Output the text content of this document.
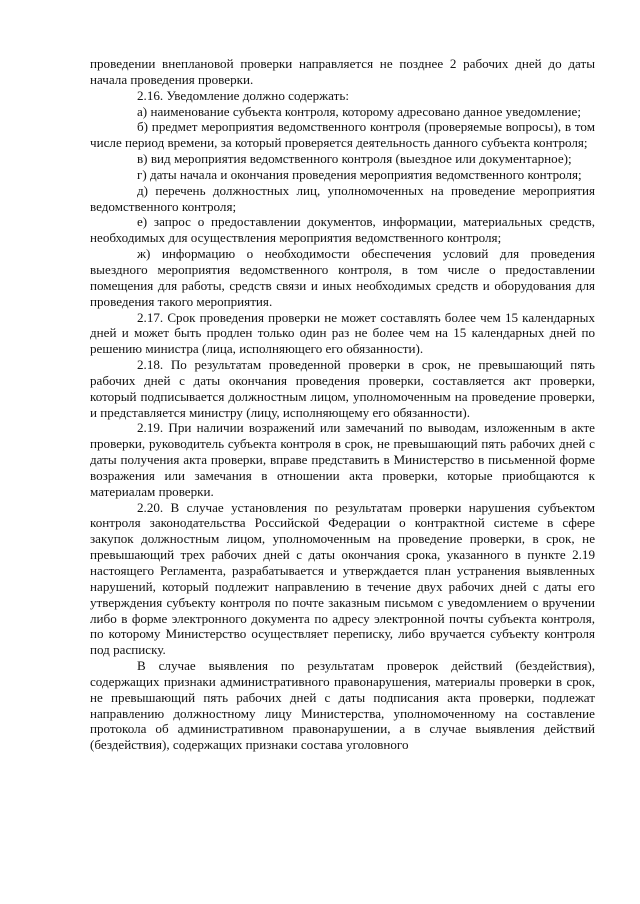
проведении внеплановой проверки направляется не позднее 2 рабочих дней до даты начала проведения проверки.

2.16. Уведомление должно содержать:

а) наименование субъекта контроля, которому адресовано данное уведомление;

б) предмет мероприятия ведомственного контроля (проверяемые вопросы), в том числе период времени, за который проверяется деятельность данного субъекта контроля;

в) вид мероприятия ведомственного контроля (выездное или документарное);

г) даты начала и окончания проведения мероприятия ведомственного контроля;

д) перечень должностных лиц, уполномоченных на проведение мероприятия ведомственного контроля;

е) запрос о предоставлении документов, информации, материальных средств, необходимых для осуществления мероприятия ведомственного контроля;

ж) информацию о необходимости обеспечения условий для проведения выездного мероприятия ведомственного контроля, в том числе о предоставлении помещения для работы, средств связи и иных необходимых средств и оборудования для проведения такого мероприятия.

2.17. Срок проведения проверки не может составлять более чем 15 календарных дней и может быть продлен только один раз не более чем на 15 календарных дней по решению министра (лица, исполняющего его обязанности).

2.18. По результатам проведенной проверки в срок, не превышающий пять рабочих дней с даты окончания проведения проверки, составляется акт проверки, который подписывается должностным лицом, уполномоченным на проведение проверки, и представляется министру (лицу, исполняющему его обязанности).

2.19. При наличии возражений или замечаний по выводам, изложенным в акте проверки, руководитель субъекта контроля в срок, не превышающий пять рабочих дней с даты получения акта проверки, вправе представить в Министерство в письменной форме возражения или замечания в отношении акта проверки, которые приобщаются к материалам проверки.

2.20. В случае установления по результатам проверки нарушения субъектом контроля законодательства Российской Федерации о контрактной системе в сфере закупок должностным лицом, уполномоченным на проведение проверки, в срок, не превышающий трех рабочих дней с даты окончания срока, указанного в пункте 2.19 настоящего Регламента, разрабатывается и утверждается план устранения выявленных нарушений, который подлежит направлению в течение двух рабочих дней с даты его утверждения субъекту контроля по почте заказным письмом с уведомлением о вручении либо в форме электронного документа по адресу электронной почты субъекта контроля, по которому Министерство осуществляет переписку, либо вручается субъекту контроля под расписку.

В случае выявления по результатам проверок действий (бездействия), содержащих признаки административного правонарушения, материалы проверки в срок, не превышающий пять рабочих дней с даты подписания акта проверки, подлежат направлению должностному лицу Министерства, уполномоченному на составление протокола об административном правонарушении, а в случае выявления действий (бездействия), содержащих признаки состава уголовного
